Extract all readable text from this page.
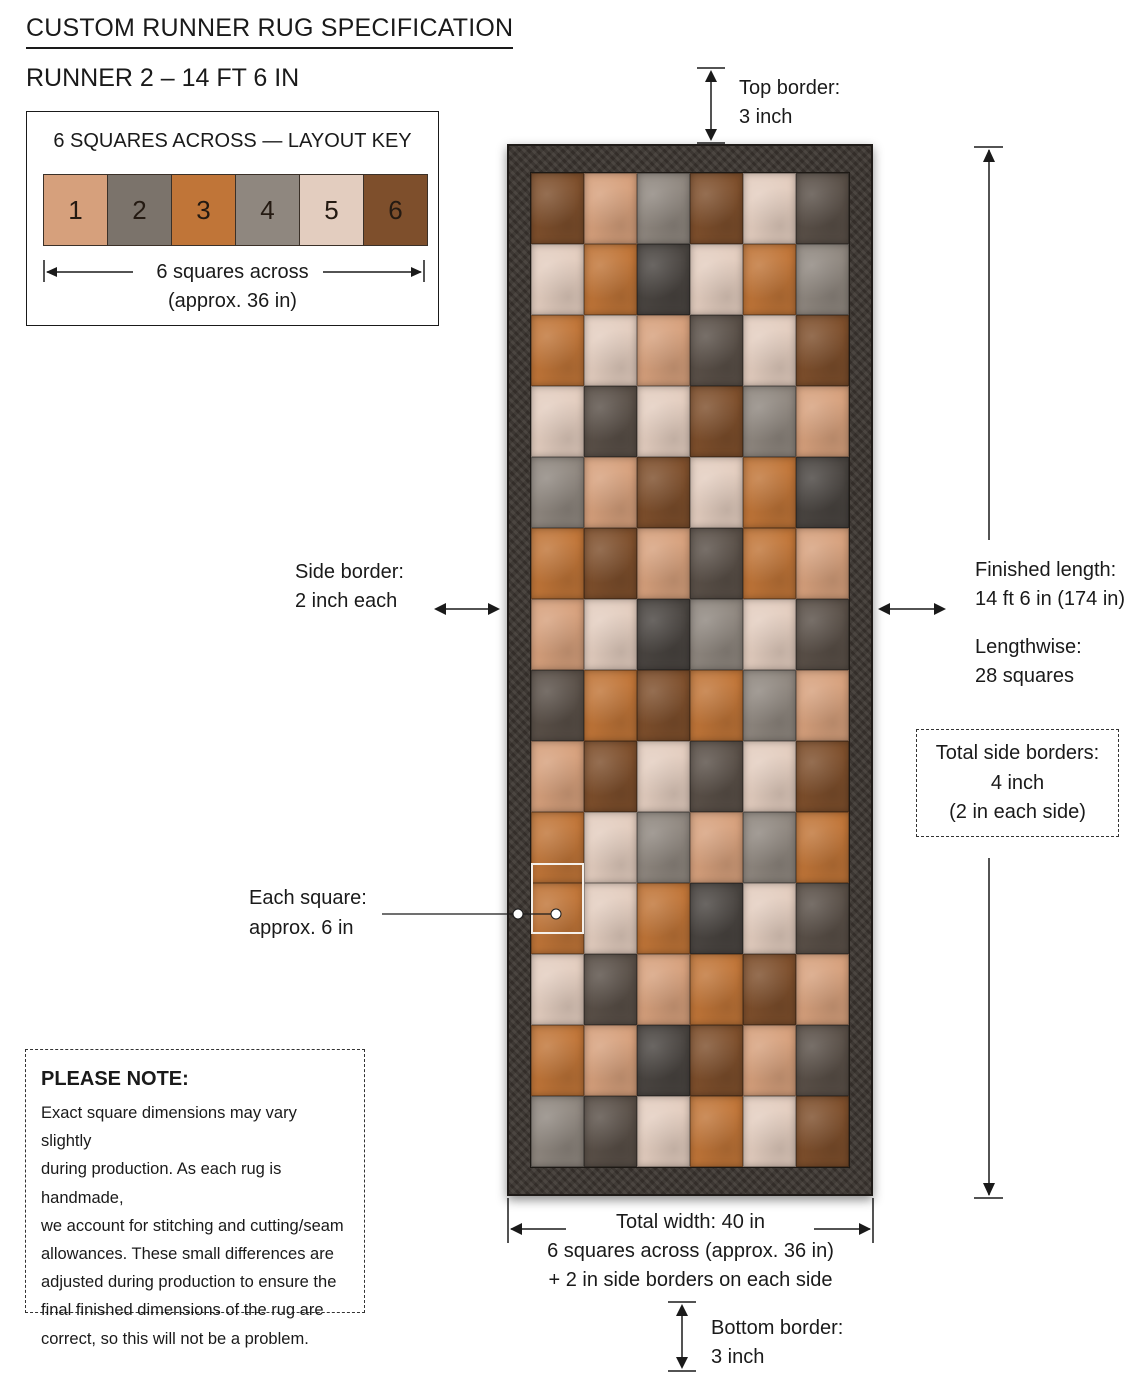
CUSTOM RUNNER RUG SPECIFICATION
RUNNER 2 – 14 FT 6 IN
6 SQUARES ACROSS — LAYOUT KEY
1 2 3 4 5 6
6 squares across
(approx. 36 in)
Top border:
3 inch
Side border:
2 inch each
Finished length:
14 ft 6 in (174 in)
Lengthwise:
28 squares
Total side borders:
4 inch
(2 in each side)
Each square:
approx. 6 in
Total width: 40 in
6 squares across (approx. 36 in)
+ 2 in side borders on each side
Bottom border:
3 inch
PLEASE NOTE:
Exact square dimensions may vary slightly
during production. As each rug is handmade,
we account for stitching and cutting/seam
allowances. These small differences are
adjusted during production to ensure the
final finished dimensions of the rug are
correct, so this will not be a problem.
